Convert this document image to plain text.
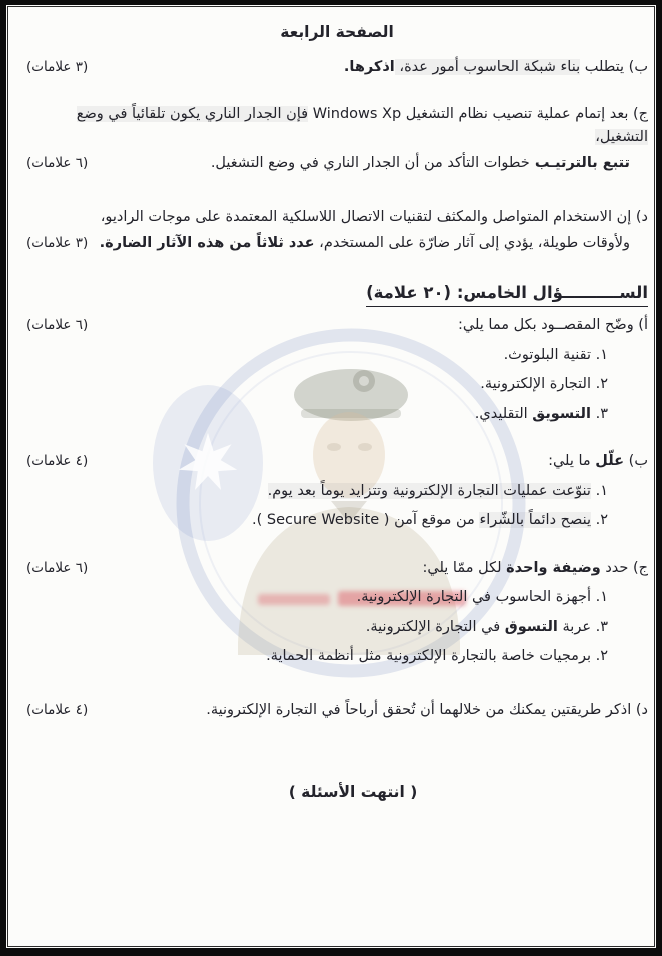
الصفحة الرابعة
ب) يتطلب بناء شبكة الحاسوب أمور عدة، اذكرها.
(٣ علامات)
ج) بعد إتمام عملية تنصيب نظام التشغيل Windows Xp فإن الجدار الناري يكون تلقائياً في وضع التشغيل،
تتبع بالترتيـب خطوات التأكد من أن الجدار الناري في وضع التشغيل.
(٦ علامات)
د) إن الاستخدام المتواصل والمكثف لتقنيات الاتصال اللاسلكية المعتمدة على موجات الراديو،
ولأوقات طويلة، يؤدي إلى آثار ضارّة على المستخدم، عدد ثلاثاً من هذه الآثار الضارة.
(٣ علامات)
الســــــــــؤال الخامس: (٢٠ علامة)
أ) وضّح المقصــود بكل مما يلي:
(٦ علامات)
١. تقنية البلوتوث.
٢. التجارة الإلكترونية.
٣. التسويق التقليدي.
ب) علّل ما يلي:
(٤ علامات)
١. تنوّعت عمليات التجارة الإلكترونية وتتزايد يوماً بعد يوم.
٢. ينصح دائماً بالشّراء من موقع آمن ( Secure Website ).
ج) حدد وضيفة واحدة لكل ممّا يلي:
(٦ علامات)
١. أجهزة الحاسوب في التجارة الإلكترونية.
٣. عربة التسوق في التجارة الإلكترونية.
٢. برمجيات خاصة بالتجارة الإلكترونية مثل أنظمة الحماية.
د) اذكر طريقتين يمكنك من خلالهما أن تُحقق أرباحاً في التجارة الإلكترونية.
(٤ علامات)
( انتهت الأسئلة )
